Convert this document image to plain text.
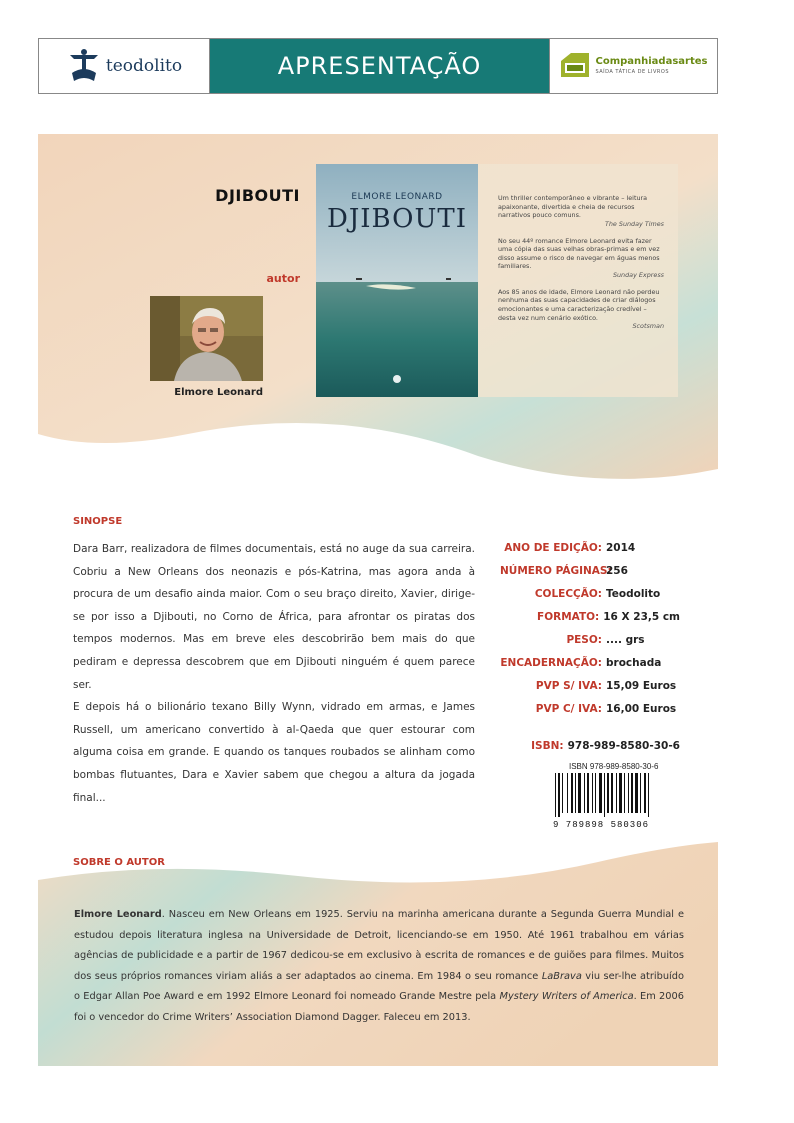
teodolito	APRESENTAÇÃO	Companhiadasartes
SAÍDA TÁTICA DE LIVROS
DJIBOUTI
autor
Elmore Leonard
ELMORE LEONARD
DJIBOUTI
Um thriller contemporâneo e vibrante – leitura apaixonante, divertida e cheia de recursos narrativos pouco comuns.
The Sunday Times
No seu 44º romance Elmore Leonard evita fazer uma cópia das suas velhas obras-primas e em vez disso assume o risco de navegar em águas menos familiares.
Sunday Express
Aos 85 anos de idade, Elmore Leonard não perdeu nenhuma das suas capacidades de criar diálogos emocionantes e uma caracterização credível – desta vez num cenário exótico.
Scotsman
SINOPSE

Dara Barr, realizadora de filmes documentais, está no auge da sua carreira. Cobriu a New Orleans dos neonazis e pós-Katrina, mas agora anda à procura de um desafio ainda maior. Com o seu braço direito, Xavier, dirige-se por isso a Djibouti, no Corno de África, para afrontar os piratas dos tempos modernos. Mas em breve eles descobrirão bem mais do que pediram e depressa descobrem que em Djibouti ninguém é quem parece ser.

E depois há o bilionário texano Billy Wynn, vidrado em armas, e James Russell, um americano convertido à al-Qaeda que quer estourar com alguma coisa em grande. E quando os tanques roubados se alinham como bombas flutuantes, Dara e Xavier sabem que chegou a altura da jogada final...

ANO DE EDIÇÃO: 2014
NÚMERO PÁGINAS:
256
COLECÇÃO: Teodolito
FORMATO: 16 X 23,5 cm
PESO: .... grs
ENCADERNAÇÃO: brochada
PVP S/ IVA: 15,09 Euros
PVP C/ IVA: 16,00 Euros
ISBN: 978-989-8580-30-6
ISBN 978-989-8580-30-6
9 789898 580306
SOBRE O AUTOR
Elmore Leonard. Nasceu em New Orleans em 1925. Serviu na marinha americana durante a Segunda Guerra Mundial e estudou depois literatura inglesa na Universidade de Detroit, licenciando-se em 1950. Até 1961 trabalhou em várias agências de publicidade e a partir de 1967 dedicou-se em exclusivo à escrita de romances e de guiões para filmes. Muitos dos seus próprios romances viriam aliás a ser adaptados ao cinema. Em 1984 o seu romance LaBrava viu ser-lhe atribuído o Edgar Allan Poe Award e em 1992 Elmore Leonard foi nomeado Grande Mestre pela Mystery Writers of America. Em 2006 foi o vencedor do Crime Writers’ Association Diamond Dagger. Faleceu em 2013.
